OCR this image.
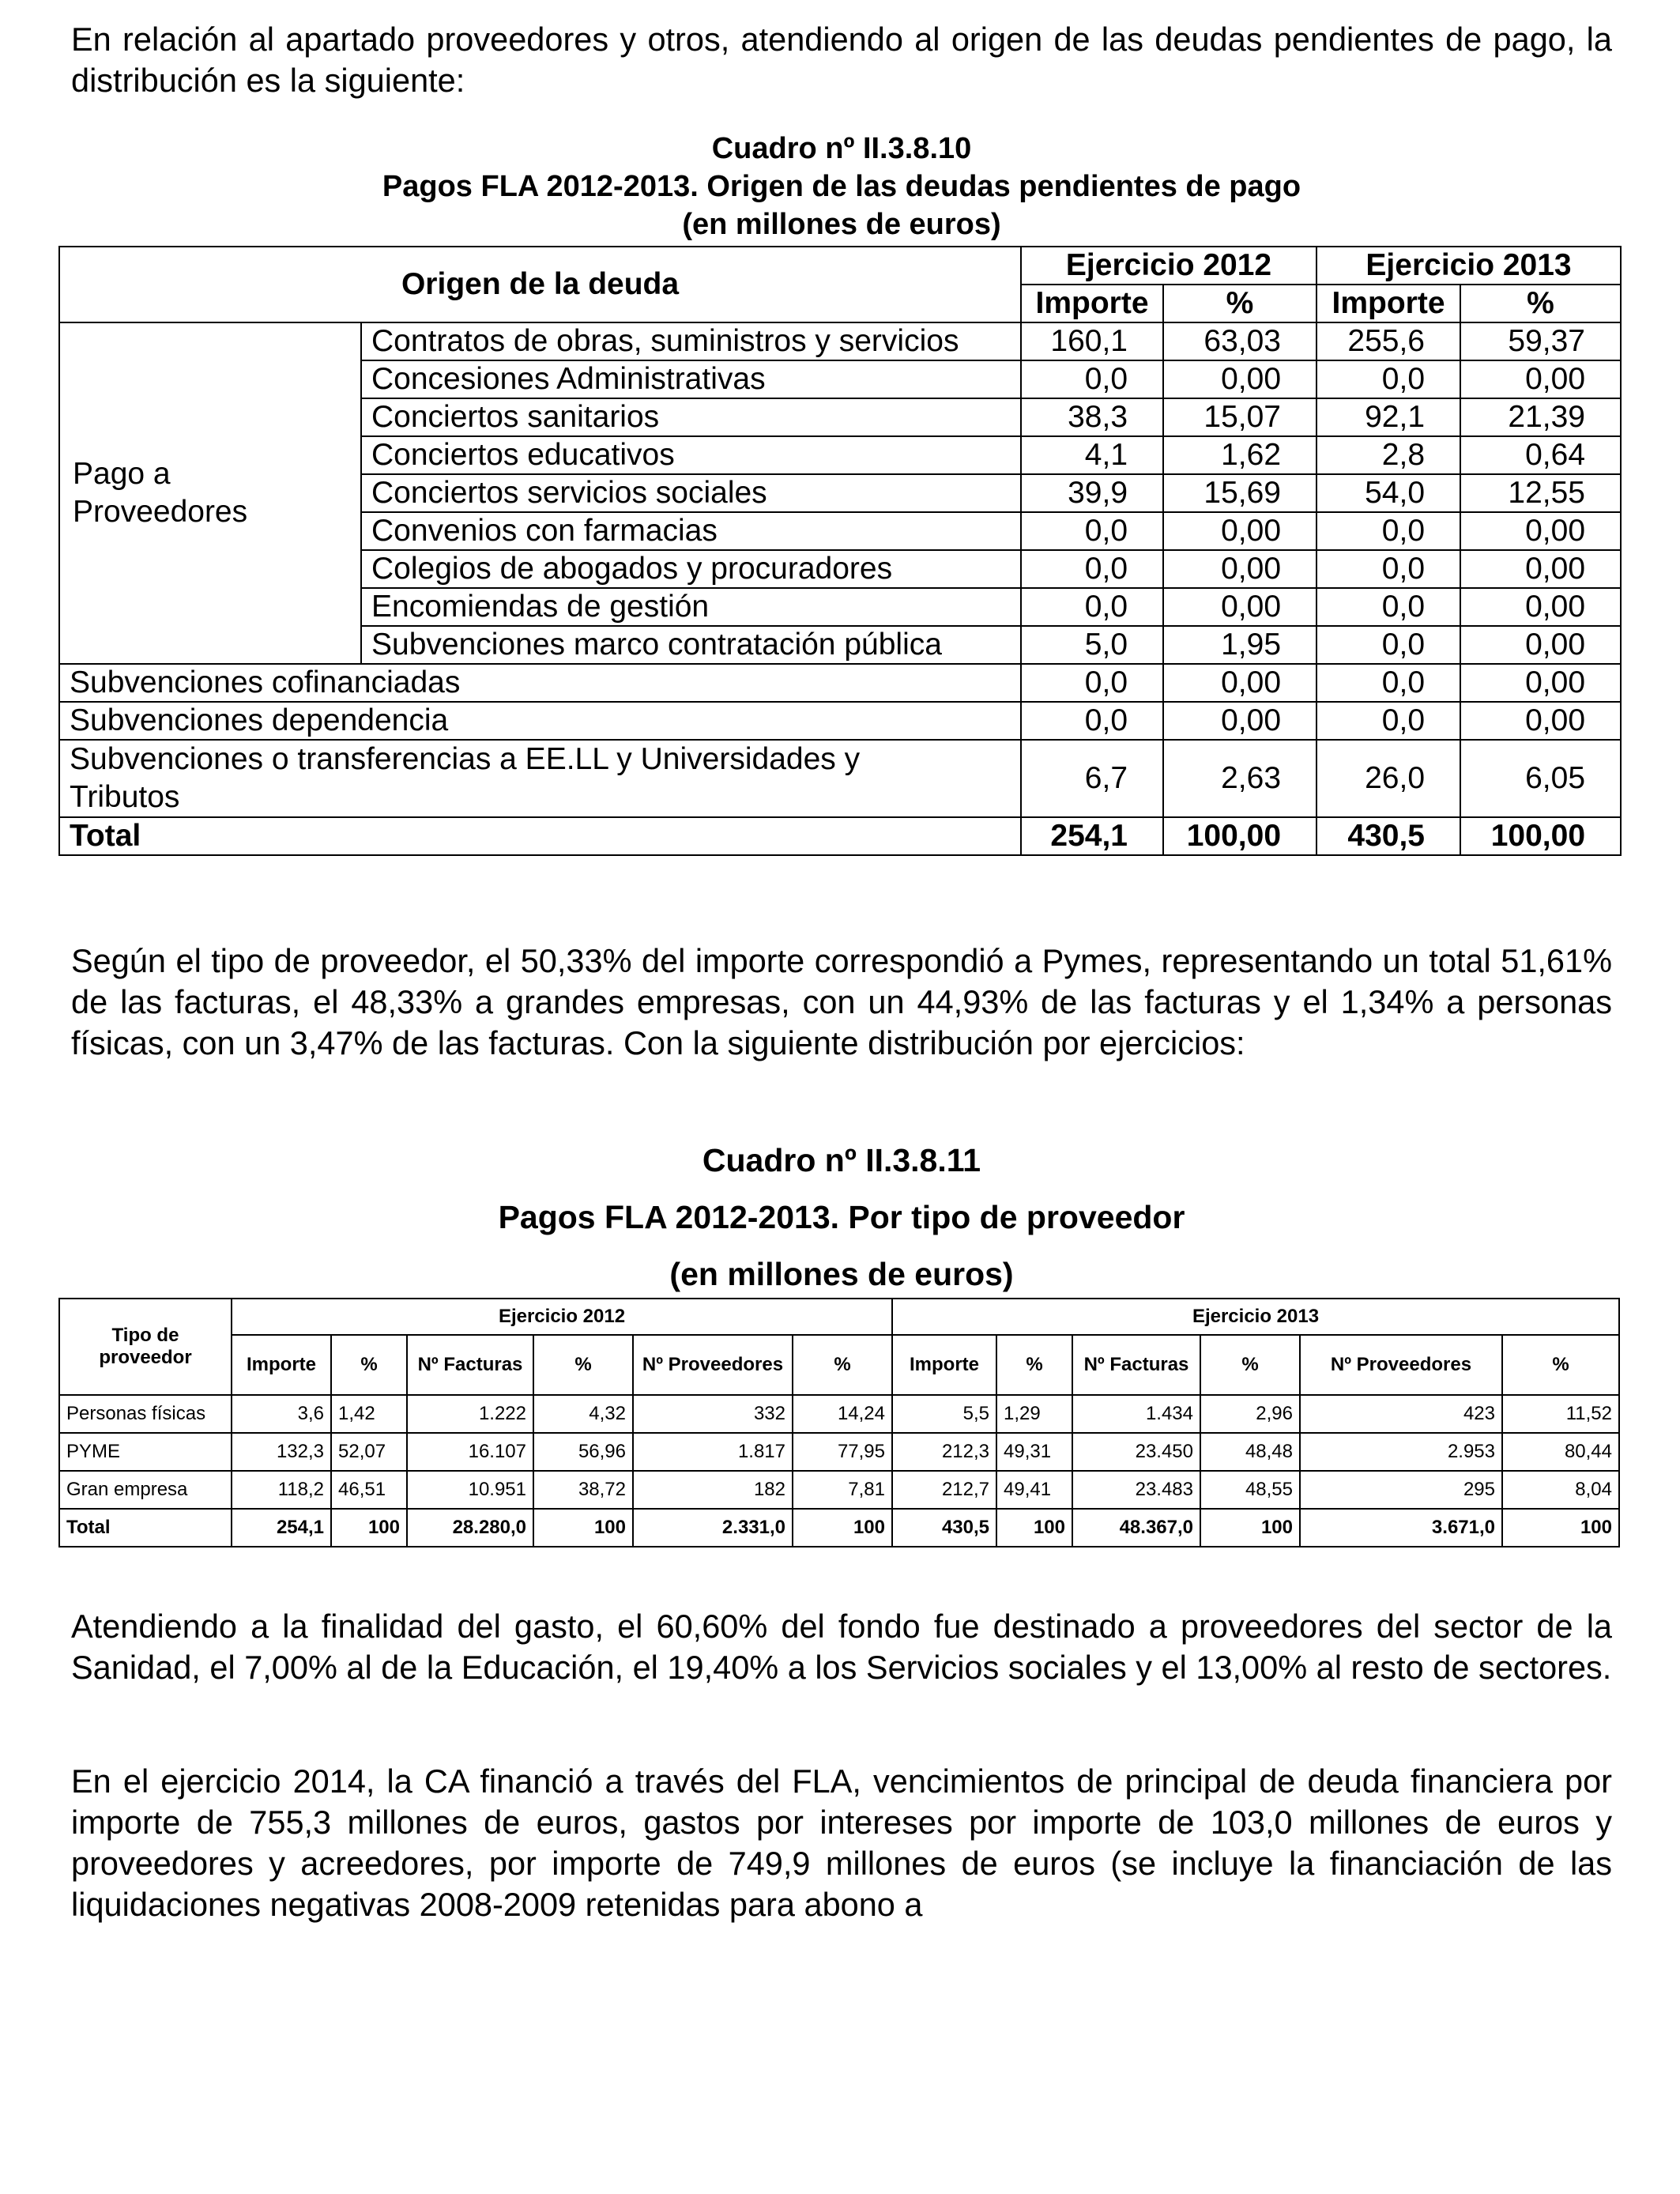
En relación al apartado proveedores y otros, atendiendo al origen de las deudas pendientes de pago, la distribución es la siguiente:

Cuadro nº II.3.8.10
Pagos FLA 2012-2013. Origen de las deudas pendientes de pago
(en millones de euros)
Origen de la deuda		Ejercicio 2012		Ejercicio 2013	
		Importe	%	Importe	%
Pago a Proveedores	Contratos de obras, suministros y servicios	160,1	63,03	255,6	59,37
	Concesiones Administrativas	0,0	0,00	0,0	0,00
	Conciertos sanitarios	38,3	15,07	92,1	21,39
	Conciertos educativos	4,1	1,62	2,8	0,64
	Conciertos servicios sociales	39,9	15,69	54,0	12,55
	Convenios con farmacias	0,0	0,00	0,0	0,00
	Colegios de abogados y procuradores	0,0	0,00	0,0	0,00
	Encomiendas de gestión	0,0	0,00	0,0	0,00
	Subvenciones marco contratación pública	5,0	1,95	0,0	0,00
Subvenciones cofinanciadas		0,0	0,00	0,0	0,00
Subvenciones dependencia		0,0	0,00	0,0	0,00
Subvenciones o transferencias a EE.LL y Universidades y Tributos		6,7	2,63	26,0	6,05
Total		254,1	100,00	430,5	100,00

Según el tipo de proveedor, el 50,33% del importe correspondió a Pymes, representando un total 51,61% de las facturas, el 48,33% a grandes empresas, con un 44,93% de las facturas y el 1,34% a personas físicas, con un 3,47% de las facturas. Con la siguiente distribución por ejercicios:

Cuadro nº II.3.8.11
Pagos FLA 2012-2013. Por tipo de proveedor
(en millones de euros)
Tipo de proveedor	Ejercicio 2012						Ejercicio 2013					
	Importe	%	Nº Facturas	%	Nº Proveedores	%	Importe	%	Nº Facturas	%	Nº Proveedores	%
Personas físicas	3,6	1,42	1.222	4,32	332	14,24	5,5	1,29	1.434	2,96	423	11,52
PYME	132,3	52,07	16.107	56,96	1.817	77,95	212,3	49,31	23.450	48,48	2.953	80,44
Gran empresa	118,2	46,51	10.951	38,72	182	7,81	212,7	49,41	23.483	48,55	295	8,04
Total	254,1	100	28.280,0	100	2.331,0	100	430,5	100	48.367,0	100	3.671,0	100

Atendiendo a la finalidad del gasto, el 60,60% del fondo fue destinado a proveedores del sector de la Sanidad, el 7,00% al de la Educación, el 19,40% a los Servicios sociales y el 13,00% al resto de sectores.

En el ejercicio 2014, la CA financió a través del FLA, vencimientos de principal de deuda financiera por importe de 755,3 millones de euros, gastos por intereses por importe de 103,0 millones de euros y proveedores y acreedores, por importe de 749,9 millones de euros (se incluye la financiación de las liquidaciones negativas 2008-2009 retenidas para abono a
